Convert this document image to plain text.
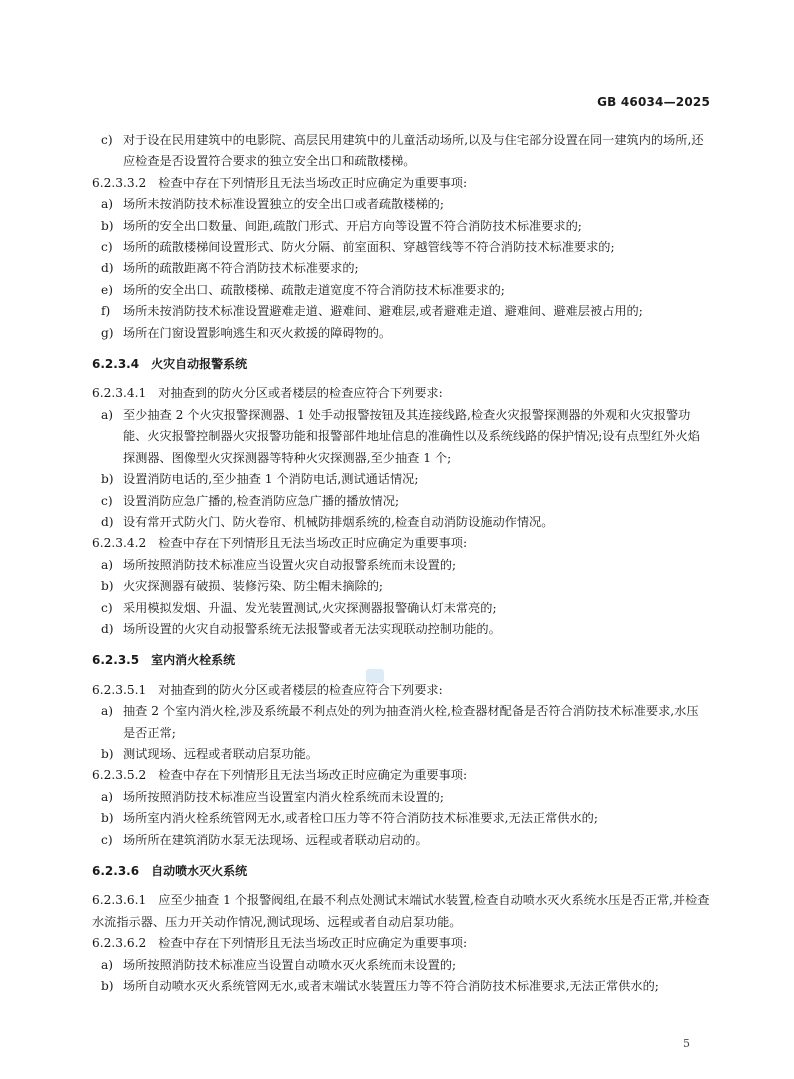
GB 46034—2025
c) 对于设在民用建筑中的电影院、高层民用建筑中的儿童活动场所,以及与住宅部分设置在同一建筑内的场所,还应检查是否设置符合要求的独立安全出口和疏散楼梯。
6.2.3.3.2 检查中存在下列情形且无法当场改正时应确定为重要事项:
a) 场所未按消防技术标准设置独立的安全出口或者疏散楼梯的;
b) 场所的安全出口数量、间距,疏散门形式、开启方向等设置不符合消防技术标准要求的;
c) 场所的疏散楼梯间设置形式、防火分隔、前室面积、穿越管线等不符合消防技术标准要求的;
d) 场所的疏散距离不符合消防技术标准要求的;
e) 场所的安全出口、疏散楼梯、疏散走道宽度不符合消防技术标准要求的;
f) 场所未按消防技术标准设置避难走道、避难间、避难层,或者避难走道、避难间、避难层被占用的;
g) 场所在门窗设置影响逃生和灭火救援的障碍物的。
6.2.3.4 火灾自动报警系统
6.2.3.4.1 对抽查到的防火分区或者楼层的检查应符合下列要求:
a) 至少抽查 2 个火灾报警探测器、1 处手动报警按钮及其连接线路,检查火灾报警探测器的外观和火灾报警功能、火灾报警控制器火灾报警功能和报警部件地址信息的准确性以及系统线路的保护情况;设有点型红外火焰探测器、图像型火灾探测器等特种火灾探测器,至少抽查 1 个;
b) 设置消防电话的,至少抽查 1 个消防电话,测试通话情况;
c) 设置消防应急广播的,检查消防应急广播的播放情况;
d) 设有常开式防火门、防火卷帘、机械防排烟系统的,检查自动消防设施动作情况。
6.2.3.4.2 检查中存在下列情形且无法当场改正时应确定为重要事项:
a) 场所按照消防技术标准应当设置火灾自动报警系统而未设置的;
b) 火灾探测器有破损、装修污染、防尘帽未摘除的;
c) 采用模拟发烟、升温、发光装置测试,火灾探测器报警确认灯未常亮的;
d) 场所设置的火灾自动报警系统无法报警或者无法实现联动控制功能的。
6.2.3.5 室内消火栓系统
6.2.3.5.1 对抽查到的防火分区或者楼层的检查应符合下列要求:
a) 抽查 2 个室内消火栓,涉及系统最不利点处的列为抽查消火栓,检查器材配备是否符合消防技术标准要求,水压是否正常;
b) 测试现场、远程或者联动启泵功能。
6.2.3.5.2 检查中存在下列情形且无法当场改正时应确定为重要事项:
a) 场所按照消防技术标准应当设置室内消火栓系统而未设置的;
b) 场所室内消火栓系统管网无水,或者栓口压力等不符合消防技术标准要求,无法正常供水的;
c) 场所所在建筑消防水泵无法现场、远程或者联动启动的。
6.2.3.6 自动喷水灭火系统
6.2.3.6.1 应至少抽查 1 个报警阀组,在最不利点处测试末端试水装置,检查自动喷水灭火系统水压是否正常,并检查水流指示器、压力开关动作情况,测试现场、远程或者自动启泵功能。
6.2.3.6.2 检查中存在下列情形且无法当场改正时应确定为重要事项:
a) 场所按照消防技术标准应当设置自动喷水灭火系统而未设置的;
b) 场所自动喷水灭火系统管网无水,或者末端试水装置压力等不符合消防技术标准要求,无法正常供水的;
5
